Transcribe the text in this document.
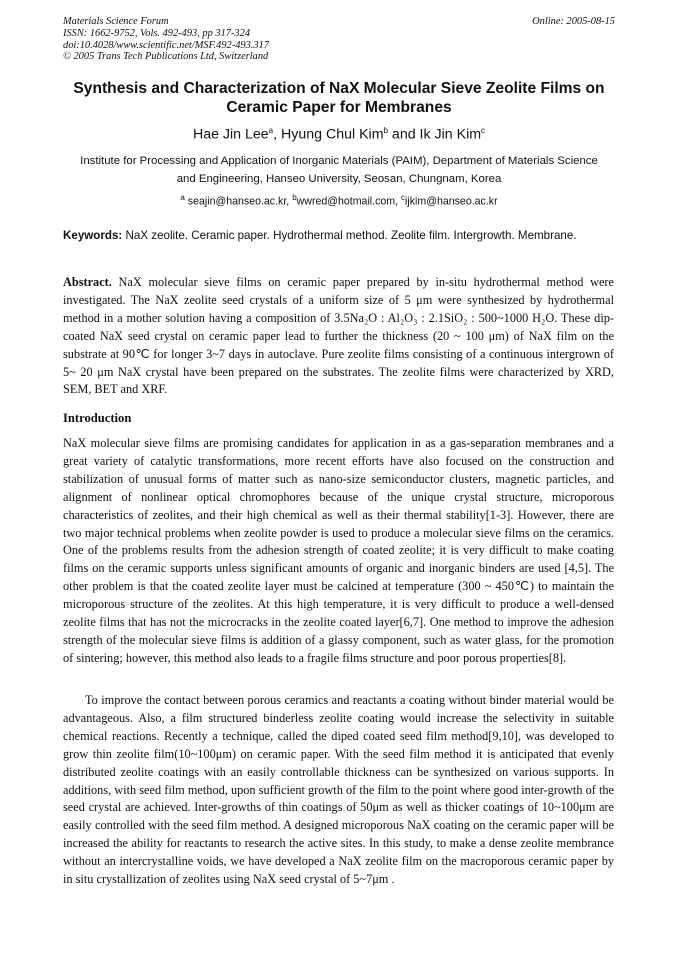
Materials Science Forum
ISSN: 1662-9752, Vols. 492-493, pp 317-324
doi:10.4028/www.scientific.net/MSF.492-493.317
© 2005 Trans Tech Publications Ltd, Switzerland
Online: 2005-08-15
Synthesis and Characterization of NaX Molecular Sieve Zeolite Films on Ceramic Paper for Membranes
Hae Jin Lee$^a$, Hyung Chul Kim$^b$ and Ik Jin Kim$^c$
Institute for Processing and Application of Inorganic Materials (PAIM), Department of Materials Science and Engineering, Hanseo University, Seosan, Chungnam, Korea
$^a$ seajin@hanseo.ac.kr, $^b$wwred@hotmail.com, $^c$ijkim@hanseo.ac.kr
Keywords: NaX zeolite. Ceramic paper. Hydrothermal method. Zeolite film. Intergrowth. Membrane.
Abstract. NaX molecular sieve films on ceramic paper prepared by in-situ hydrothermal method were investigated. The NaX zeolite seed crystals of a uniform size of 5 μm were synthesized by hydrothermal method in a mother solution having a composition of 3.5Na₂O : Al₂O₃ : 2.1SiO₂ : 500~1000 H₂O. These dip-coated NaX seed crystal on ceramic paper lead to further the thickness (20 ~ 100 μm) of NaX film on the substrate at 90℃ for longer 3~7 days in autoclave. Pure zeolite films consisting of a continuous intergrown of 5~ 20 μm NaX crystal have been prepared on the substrates. The zeolite films were characterized by XRD, SEM, BET and XRF.
Introduction

NaX molecular sieve films are promising candidates for application in as a gas-separation membranes and a great variety of catalytic transformations, more recent efforts have also focused on the construction and stabilization of unusual forms of matter such as nano-size semiconductor clusters, magnetic particles, and alignment of nonlinear optical chromophores because of the unique crystal structure, microporous characteristics of zeolites, and their high chemical as well as their thermal stability[1-3]. However, there are two major technical problems when zeolite powder is used to produce a molecular sieve films on the ceramics. One of the problems results from the adhesion strength of coated zeolite; it is very difficult to make coating films on the ceramic supports unless significant amounts of organic and inorganic binders are used [4,5]. The other problem is that the coated zeolite layer must be calcined at temperature (300 ~ 450℃) to maintain the microporous structure of the zeolites. At this high temperature, it is very difficult to produce a well-densed zeolite films that has not the microcracks in the zeolite coated layer[6,7]. One method to improve the adhesion strength of the molecular sieve films is addition of a glassy component, such as water glass, for the promotion of sintering; however, this method also leads to a fragile films structure and poor porous properties[8].

To improve the contact between porous ceramics and reactants a coating without binder material would be advantageous. Also, a film structured binderless zeolite coating would increase the selectivity in suitable chemical reactions. Recently a technique, called the diped coated seed film method[9,10], was developed to grow thin zeolite film(10~100μm) on ceramic paper. With the seed film method it is anticipated that evenly distributed zeolite coatings with an easily controllable thickness can be synthesized on various supports. In additions, with seed film method, upon sufficient growth of the film to the point where good inter-growth of the seed crystal are achieved. Inter-growths of thin coatings of 50μm as well as thicker coatings of 10~100μm are easily controlled with the seed film method. A designed microporous NaX coating on the ceramic paper will be increased the ability for reactants to research the active sites. In this study, to make a dense zeolite membrance without an intercrystalline voids, we have developed a NaX zeolite film on the macroporous ceramic paper by in situ crystallization of zeolites using NaX seed crystal of 5~7μm .
